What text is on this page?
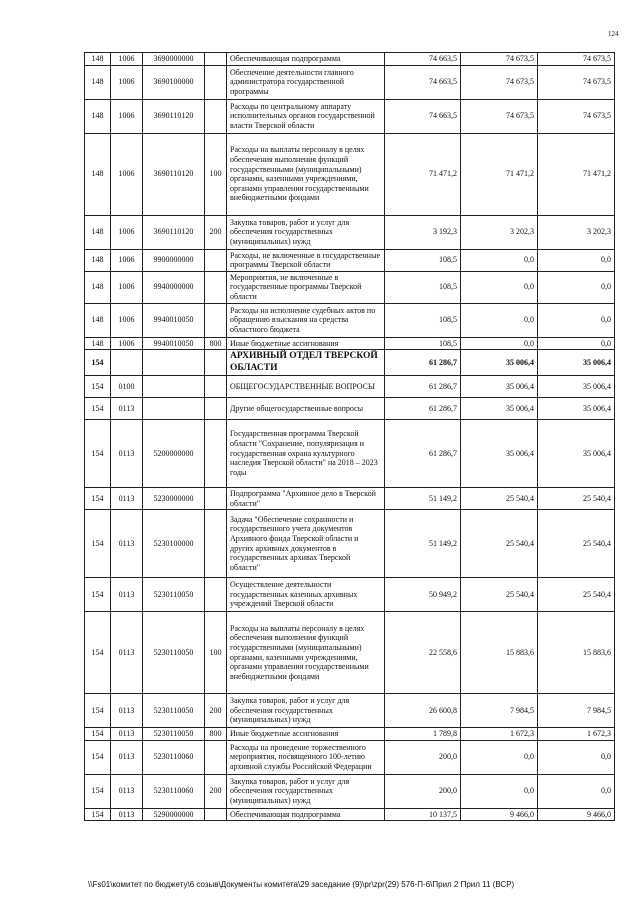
124
148	1006	3690000000		Обеспечивающая подпрограмма	74 663,5	74 673,5	74 673,5
148	1006	3690100000		Обеспечение деятельности главного администратора государственной программы	74 663,5	74 673,5	74 673,5
148	1006	3690110120		Расходы по центральному аппарату исполнительных органов государственной власти Тверской области	74 663,5	74 673,5	74 673,5
148	1006	3690110120	100	Расходы на выплаты персоналу в целях обеспечения выполнения функций государственными (муниципальными) органами, казенными учреждениями, органами управления государственными внебюджетными фондами	71 471,2	71 471,2	71 471,2
148	1006	3690110120	200	Закупка товаров, работ и услуг для обеспечения государственных (муниципальных) нужд	3 192,3	3 202,3	3 202,3
148	1006	9900000000		Расходы, не включенные в государственные программы Тверской области	108,5	0,0	0,0
148	1006	9940000000		Мероприятия, не включенные в государственные программы Тверской области	108,5	0,0	0,0
148	1006	9940010050		Расходы на исполнение судебных актов по обращению взыскания на средства областного бюджета	108,5	0,0	0,0
148	1006	9940010050	800	Иные бюджетные ассигнования	108,5	0,0	0,0
154				АРХИВНЫЙ ОТДЕЛ ТВЕРСКОЙ ОБЛАСТИ	61 286,7	35 006,4	35 006,4
154	0100			ОБЩЕГОСУДАРСТВЕННЫЕ ВОПРОСЫ	61 286,7	35 006,4	35 006,4
154	0113			Другие общегосударственные вопросы	61 286,7	35 006,4	35 006,4
154	0113	5200000000		Государственная программа Тверской области "Сохранение, популяризация и государственная охрана культурного наследия Тверской области" на 2018 – 2023 годы	61 286,7	35 006,4	35 006,4
154	0113	5230000000		Подпрограмма "Архивное дело в Тверской области"	51 149,2	25 540,4	25 540,4
154	0113	5230100000		Задача "Обеспечение сохранности и государственного учета документов Архивного фонда Тверской области и других архивных документов в государственных архивах Тверской области"	51 149,2	25 540,4	25 540,4
154	0113	5230110050		Осуществление деятельности государственных казенных архивных учреждений Тверской области	50 949,2	25 540,4	25 540,4
154	0113	5230110050	100	Расходы на выплаты персоналу в целях обеспечения выполнения функций государственными (муниципальными) органами, казенными учреждениями, органами управления государственными внебюджетными фондами	22 558,6	15 883,6	15 883,6
154	0113	5230110050	200	Закупка товаров, работ и услуг для обеспечения государственных (муниципальных) нужд	26 600,8	7 984,5	7 984,5
154	0113	5230110050	800	Иные бюджетные ассигнования	1 789,8	1 672,3	1 672,3
154	0113	5230110060		Расходы на проведение торжественного мероприятия, посвященного 100-летию архивной службы Российской Федерации	200,0	0,0	0,0
154	0113	5230110060	200	Закупка товаров, работ и услуг для обеспечения государственных (муниципальных) нужд	200,0	0,0	0,0
154	0113	5290000000		Обеспечивающая подпрограмма	10 137,5	9 466,0	9 466,0
\\Fs01\комитет по бюджету\6 созыв\Документы комитета\29 заседание (9)\pr\zpr(29) 576-П-6\Прил 2 Прил 11 (ВСР)
